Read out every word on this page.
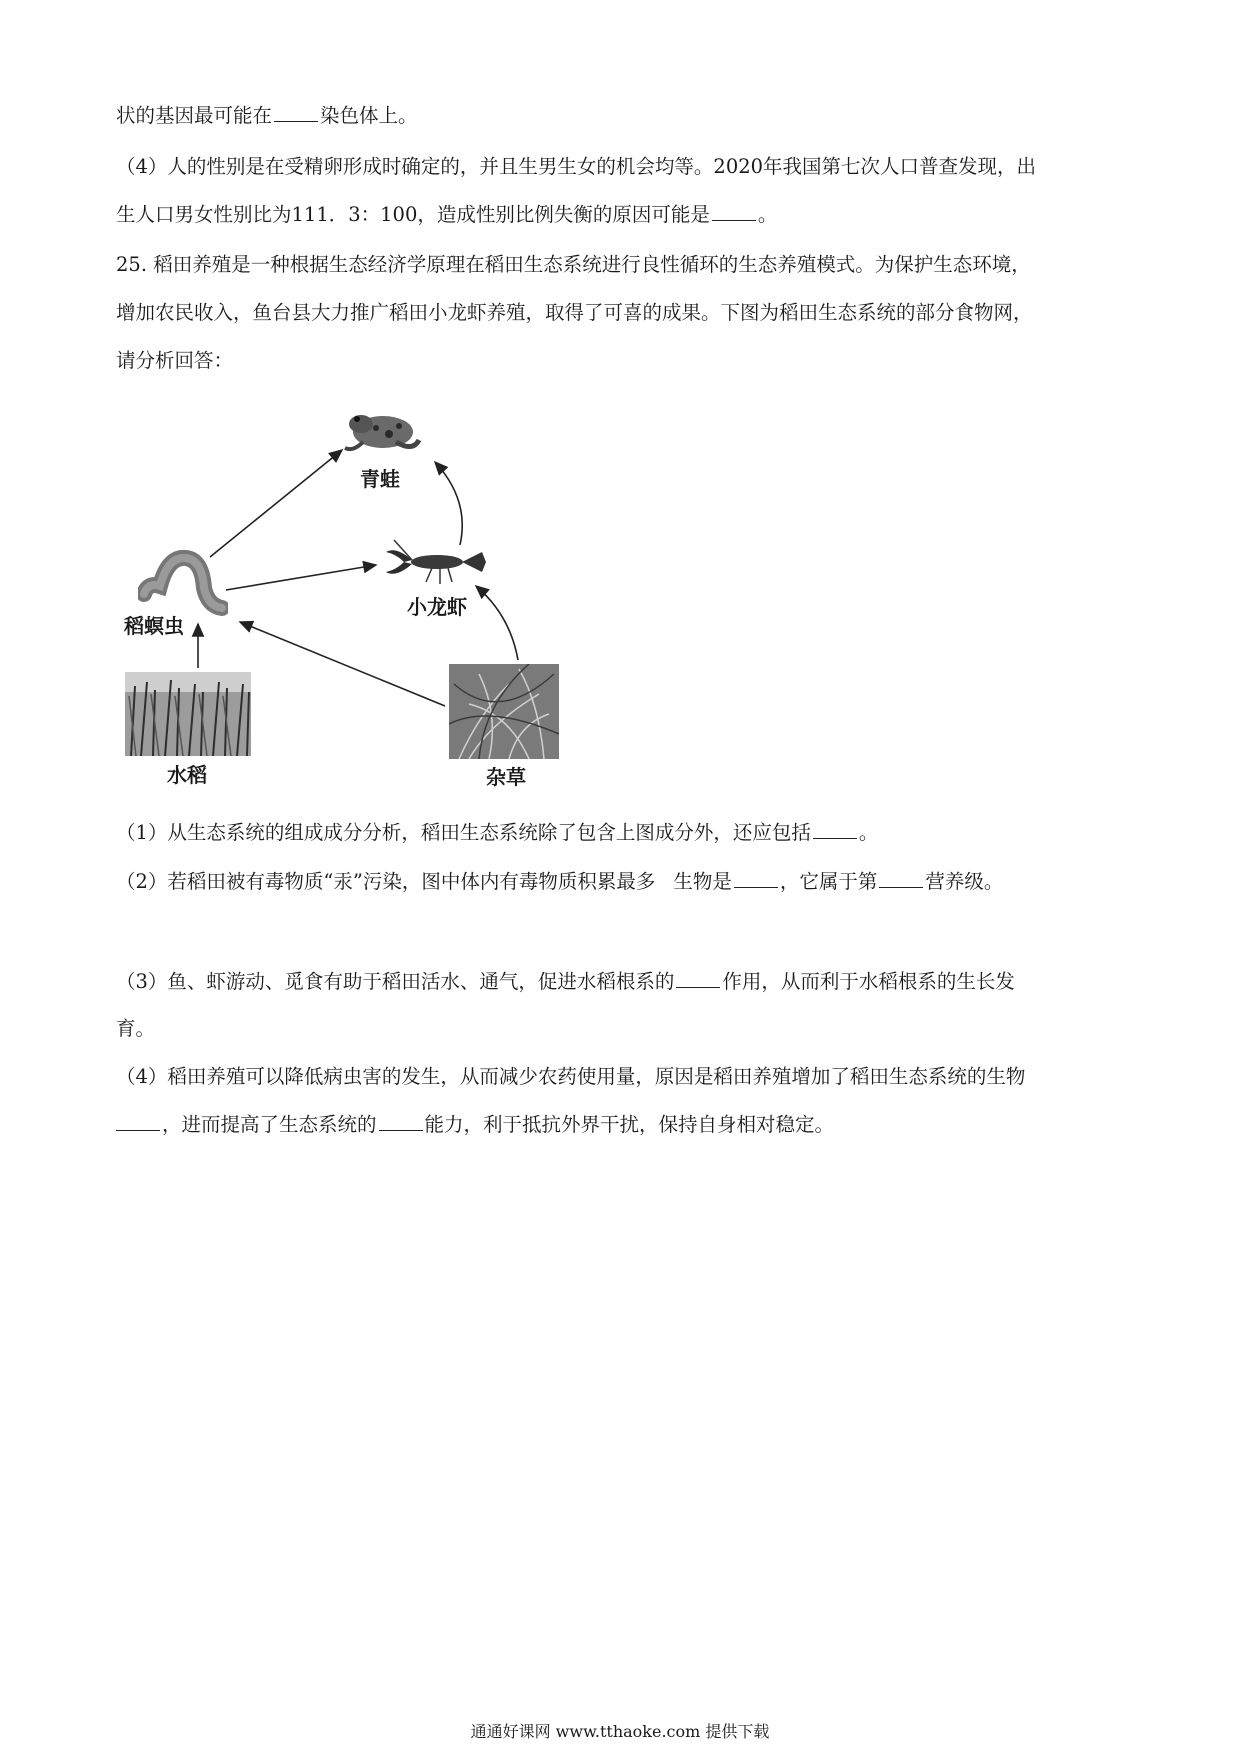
状的基因最可能在 染色体上。
（4）人的性别是在受精卵形成时确定的，并且生男生女的机会均等。2020年我国第七次人口普查发现，出
生人口男女性别比为111．3：100，造成性别比例失衡的原因可能是 。
25. 稻田养殖是一种根据生态经济学原理在稻田生态系统进行良性循环的生态养殖模式。为保护生态环境，
增加农民收入，鱼台县大力推广稻田小龙虾养殖，取得了可喜的成果。下图为稻田生态系统的部分食物网，
请分析回答：
青蛙
小龙虾
稻螟虫
水稻	杂草
（1）从生态系统的组成成分分析，稻田生态系统除了包含上图成分外，还应包括 。
（2）若稻田被有毒物质“汞”污染，图中体内有毒物质积累最多 生物是 ，它属于第 营养级。
（3）鱼、虾游动、觅食有助于稻田活水、通气，促进水稻根系的 作用，从而利于水稻根系的生长发
育。
（4）稻田养殖可以降低病虫害的发生，从而减少农药使用量，原因是稻田养殖增加了稻田生态系统的生物
，进而提高了生态系统的 能力，利于抵抗外界干扰，保持自身相对稳定。
通通好课网 www.tthaoke.com 提供下载
